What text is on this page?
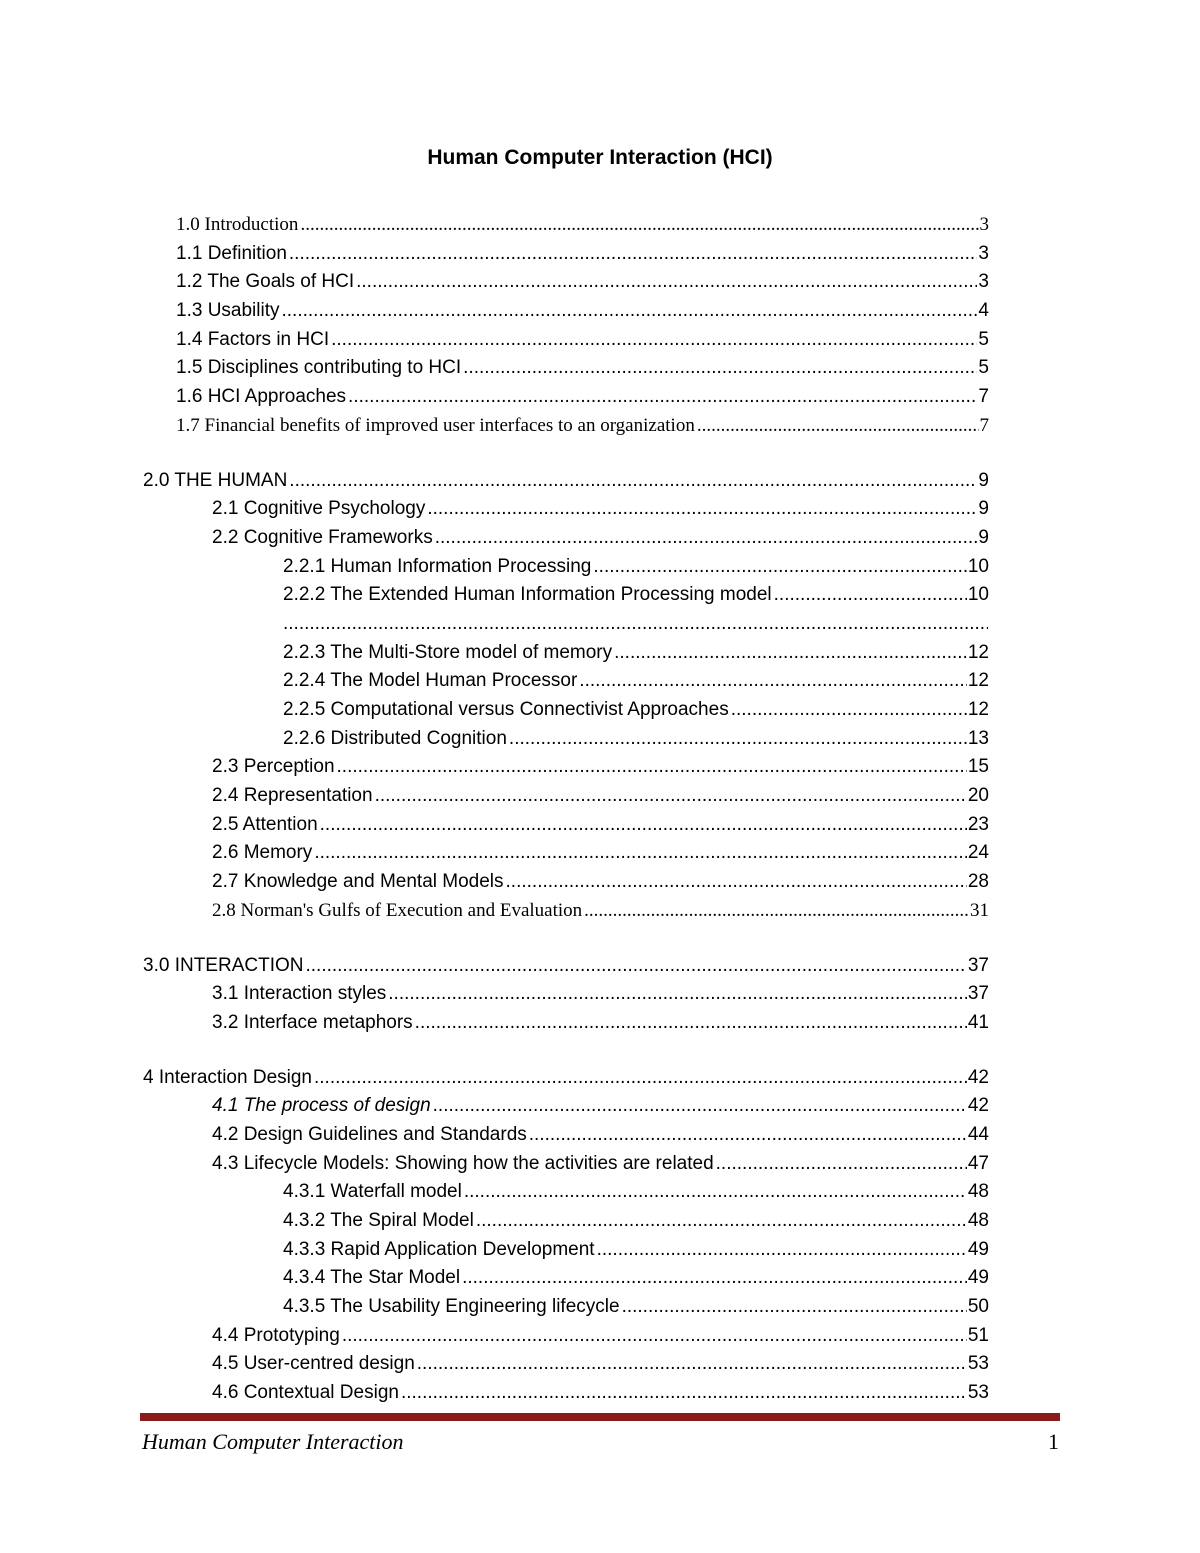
Human Computer Interaction (HCI)
1.0 Introduction .....	3
1.1 Definition .....	3
1.2 The Goals of HCI .....	3
1.3 Usability .....	4
1.4 Factors in HCI .....	5
1.5 Disciplines contributing to HCI .....	5
1.6 HCI Approaches .....	7
1.7 Financial benefits of improved user interfaces to an organization .....	7
2.0 THE HUMAN .....	9
2.1 Cognitive Psychology .....	9
2.2 Cognitive Frameworks .....	9
2.2.1 Human Information Processing .....	10
2.2.2 The Extended Human Information Processing model .....	10
.....
2.2.3 The Multi-Store model of memory .....	12
2.2.4 The Model Human Processor .....	12
2.2.5 Computational versus Connectivist Approaches .....	12
2.2.6 Distributed Cognition .....	13
2.3 Perception .....	15
2.4 Representation .....	20
2.5 Attention .....	23
2.6 Memory .....	24
2.7 Knowledge and Mental Models .....	28
2.8 Norman's Gulfs of Execution and Evaluation .....	31
3.0 INTERACTION .....	37
3.1 Interaction styles .....	37
3.2 Interface metaphors .....	41
4 Interaction Design .....	42
4.1 The process of design .....	42
4.2 Design Guidelines and Standards .....	44
4.3 Lifecycle Models: Showing how the activities are related .....	47
4.3.1 Waterfall model .....	48
4.3.2 The Spiral Model .....	48
4.3.3 Rapid Application Development .....	49
4.3.4 The Star Model .....	49
4.3.5 The Usability Engineering lifecycle .....	50
4.4 Prototyping .....	51
4.5 User-centred design .....	53
4.6 Contextual Design .....	53
Human Computer Interaction	1
